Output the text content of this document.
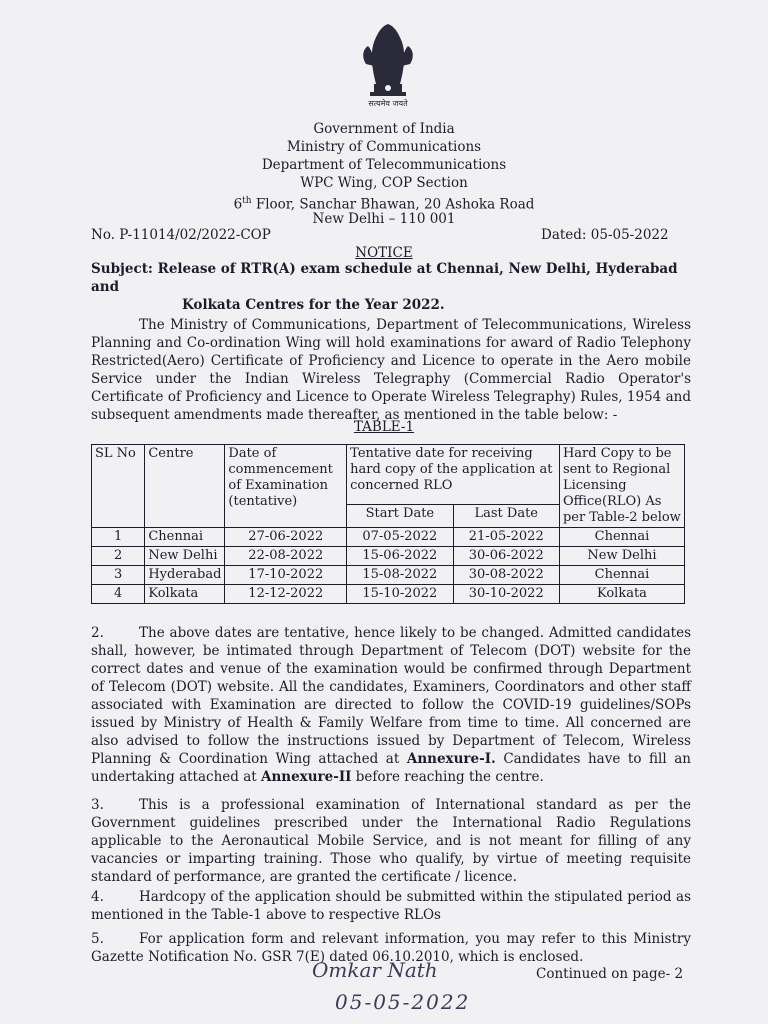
सत्यमेव जयते
Government of India
Ministry of Communications
Department of Telecommunications
WPC Wing, COP Section
6th Floor, Sanchar Bhawan, 20 Ashoka Road
New Delhi – 110 001
No. P-11014/02/2022-COP	Dated: 05-05-2022
NOTICE
Subject: Release of RTR(A) exam schedule at Chennai, New Delhi, Hyderabad and
Kolkata Centres for the Year 2022.
The Ministry of Communications, Department of Telecommunications, Wireless Planning and Co-ordination Wing will hold examinations for award of Radio Telephony Restricted(Aero) Certificate of Proficiency and Licence to operate in the Aero mobile Service under the Indian Wireless Telegraphy (Commercial Radio Operator's Certificate of Proficiency and Licence to Operate Wireless Telegraphy) Rules, 1954 and subsequent amendments made thereafter, as mentioned in the table below: -
TABLE-1
SL No	Centre	Date of commencement of Examination (tentative)	Tentative date for receiving hard copy of the application at concerned RLO		Hard Copy to be sent to Regional Licensing Office(RLO) As per Table-2 below
			Start Date	Last Date	
1	Chennai	27-06-2022	07-05-2022	21-05-2022	Chennai
2	New Delhi	22-08-2022	15-06-2022	30-06-2022	New Delhi
3	Hyderabad	17-10-2022	15-08-2022	30-08-2022	Chennai
4	Kolkata	12-12-2022	15-10-2022	30-10-2022	Kolkata
2.	The above dates are tentative, hence likely to be changed. Admitted candidates shall, however, be intimated through Department of Telecom (DOT) website for the correct dates and venue of the examination would be confirmed through Department of Telecom (DOT) website. All the candidates, Examiners, Coordinators and other staff associated with Examination are directed to follow the COVID-19 guidelines/SOPs issued by Ministry of Health & Family Welfare from time to time. All concerned are also advised to follow the instructions issued by Department of Telecom, Wireless Planning & Coordination Wing attached at Annexure-I. Candidates have to fill an undertaking attached at Annexure-II before reaching the centre.
3.	This is a professional examination of International standard as per the Government guidelines prescribed under the International Radio Regulations applicable to the Aeronautical Mobile Service, and is not meant for filling of any vacancies or imparting training. Those who qualify, by virtue of meeting requisite standard of performance, are granted the certificate / licence.
4.	Hardcopy of the application should be submitted within the stipulated period as mentioned in the Table-1 above to respective RLOs
5.	For application form and relevant information, you may refer to this Ministry Gazette Notification No. GSR 7(E) dated 06.10.2010, which is enclosed.
Omkar Nath
05-05-2022
Continued on page- 2
